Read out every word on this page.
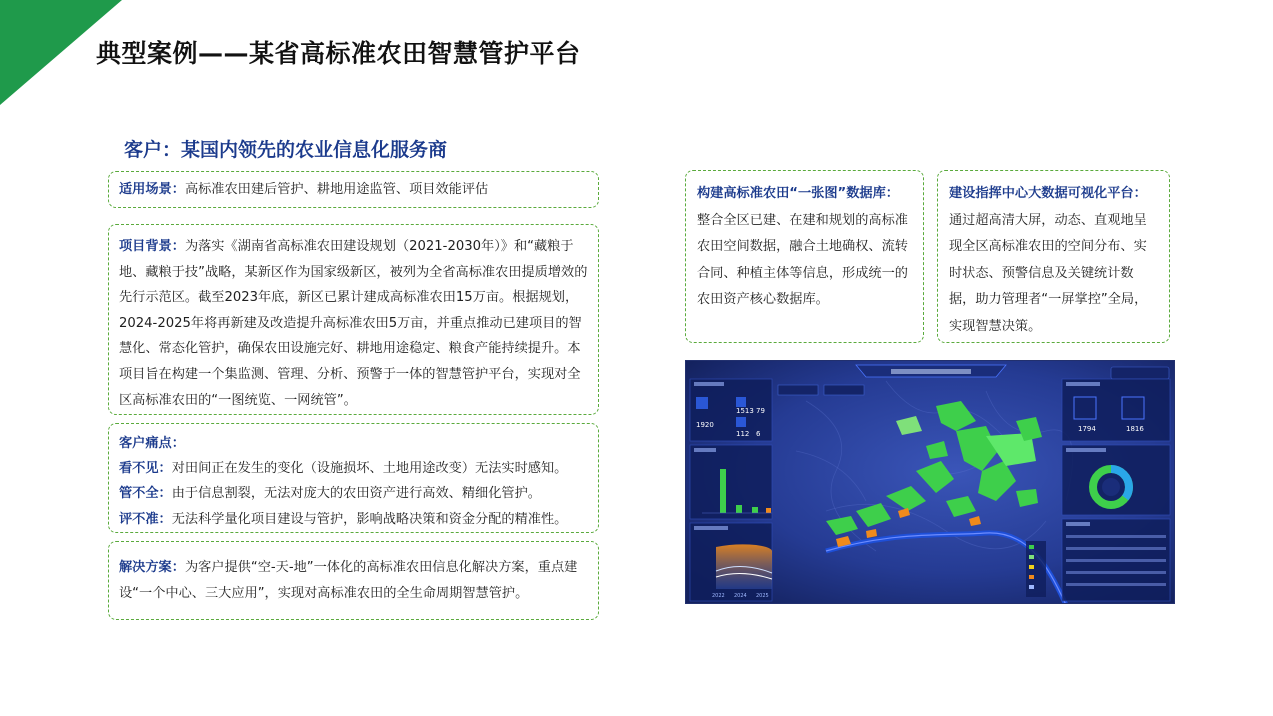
典型案例——某省高标准农田智慧管护平台
客户：某国内领先的农业信息化服务商

适用场景：高标准农田建后管护、耕地用途监管、项目效能评估

项目背景：为落实《湖南省高标准农田建设规划（2021-2030年）》和“藏粮于地、藏粮于技”战略，某新区作为国家级新区，被列为全省高标准农田提质增效的先行示范区。截至2023年底，新区已累计建成高标准农田15万亩。根据规划，2024-2025年将再新建及改造提升高标准农田5万亩，并重点推动已建项目的智慧化、常态化管护，确保农田设施完好、耕地用途稳定、粮食产能持续提升。本项目旨在构建一个集监测、管理、分析、预警于一体的智慧管护平台，实现对全区高标准农田的“一图统览、一网统管”。

客户痛点：

看不见：对田间正在发生的变化（设施损坏、土地用途改变）无法实时感知。

管不全：由于信息割裂，无法对庞大的农田资产进行高效、精细化管护。

评不准：无法科学量化项目建设与管护，影响战略决策和资金分配的精准性。

解决方案：为客户提供“空-天-地”一体化的高标准农田信息化解决方案，重点建设“一个中心、三大应用”，实现对高标准农田的全生命周期智慧管护。

构建高标准农田“一张图”数据库：

整合全区已建、在建和规划的高标准农田空间数据，融合土地确权、流转合同、种植主体等信息，形成统一的农田资产核心数据库。

建设指挥中心大数据可视化平台：

通过超高清大屏，动态、直观地呈现全区高标准农田的空间分布、实时状态、预警信息及关键统计数据，助力管理者“一屏掌控”全局，实现智慧决策。

1920
1513 79
112 6
2022 2024 2025
1794	1816
